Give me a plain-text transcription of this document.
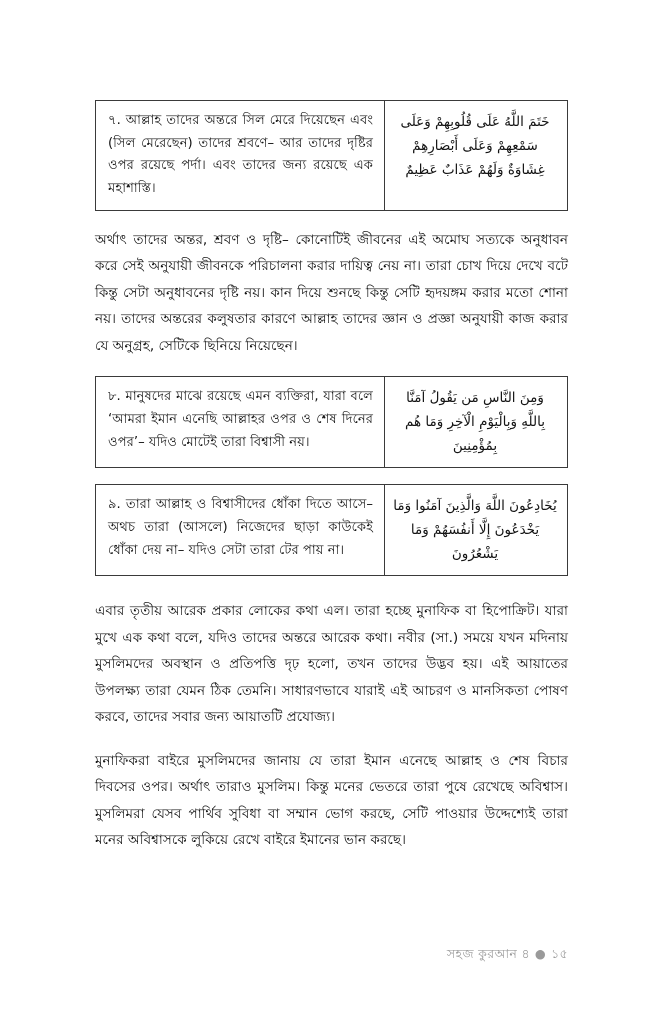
৭. আল্লাহ তাদের অন্তরে সিল মেরে দিয়েছেন এবং (সিল মেরেছেন) তাদের শ্রবণে– আর তাদের দৃষ্টির ওপর রয়েছে পর্দা। এবং তাদের জন্য রয়েছে এক মহাশাস্তি।
خَتَمَ اللَّهُ عَلَى قُلُوبِهِمْ وَعَلَى سَمْعِهِمْ وَعَلَى أَبْصَارِهِمْ غِشَاوَةٌ وَلَهُمْ عَذَابٌ عَظِيمٌ

অর্থাৎ তাদের অন্তর, শ্রবণ ও দৃষ্টি– কোনোটিই জীবনের এই অমোঘ সত্যকে অনুধাবন করে সেই অনুযায়ী জীবনকে পরিচালনা করার দায়িত্ব নেয় না। তারা চোখ দিয়ে দেখে বটে কিন্তু সেটা অনুধাবনের দৃষ্টি নয়। কান দিয়ে শুনছে কিন্তু সেটি হৃদয়ঙ্গম করার মতো শোনা নয়। তাদের অন্তরের কলুষতার কারণে আল্লাহ তাদের জ্ঞান ও প্রজ্ঞা অনুযায়ী কাজ করার যে অনুগ্রহ, সেটিকে ছিনিয়ে নিয়েছেন।

৮. মানুষদের মাঝে রয়েছে এমন ব্যক্তিরা, যারা বলে ‘আমরা ইমান এনেছি আল্লাহর ওপর ও শেষ দিনের ওপর’– যদিও মোটেই তারা বিশ্বাসী নয়।
وَمِنَ النَّاسِ مَن يَقُولُ آمَنَّا بِاللَّهِ وَبِالْيَوْمِ الْآخِرِ وَمَا هُم بِمُؤْمِنِينَ
৯. তারা আল্লাহ ও বিশ্বাসীদের ধোঁকা দিতে আসে– অথচ তারা (আসলে) নিজেদের ছাড়া কাউকেই ধোঁকা দেয় না– যদিও সেটা তারা টের পায় না।
يُخَادِعُونَ اللَّهَ وَالَّذِينَ آمَنُوا وَمَا يَخْدَعُونَ إِلَّا أَنفُسَهُمْ وَمَا يَشْعُرُونَ

এবার তৃতীয় আরেক প্রকার লোকের কথা এল। তারা হচ্ছে মুনাফিক বা হিপোক্রিট। যারা মুখে এক কথা বলে, যদিও তাদের অন্তরে আরেক কথা। নবীর (সা.) সময়ে যখন মদিনায় মুসলিমদের অবস্থান ও প্রতিপত্তি দৃঢ় হলো, তখন তাদের উদ্ভব হয়। এই আয়াতের উপলক্ষ্য তারা যেমন ঠিক তেমনি। সাধারণভাবে যারাই এই আচরণ ও মানসিকতা পোষণ করবে, তাদের সবার জন্য আয়াতটি প্রযোজ্য।

মুনাফিকরা বাইরে মুসলিমদের জানায় যে তারা ইমান এনেছে আল্লাহ ও শেষ বিচার দিবসের ওপর। অর্থাৎ তারাও মুসলিম। কিন্তু মনের ভেতরে তারা পুষে রেখেছে অবিশ্বাস। মুসলিমরা যেসব পার্থিব সুবিধা বা সম্মান ভোগ করছে, সেটি পাওয়ার উদ্দেশ্যেই তারা মনের অবিশ্বাসকে লুকিয়ে রেখে বাইরে ইমানের ভান করছে।

সহজ কুরআন ৪ ● ১৫
